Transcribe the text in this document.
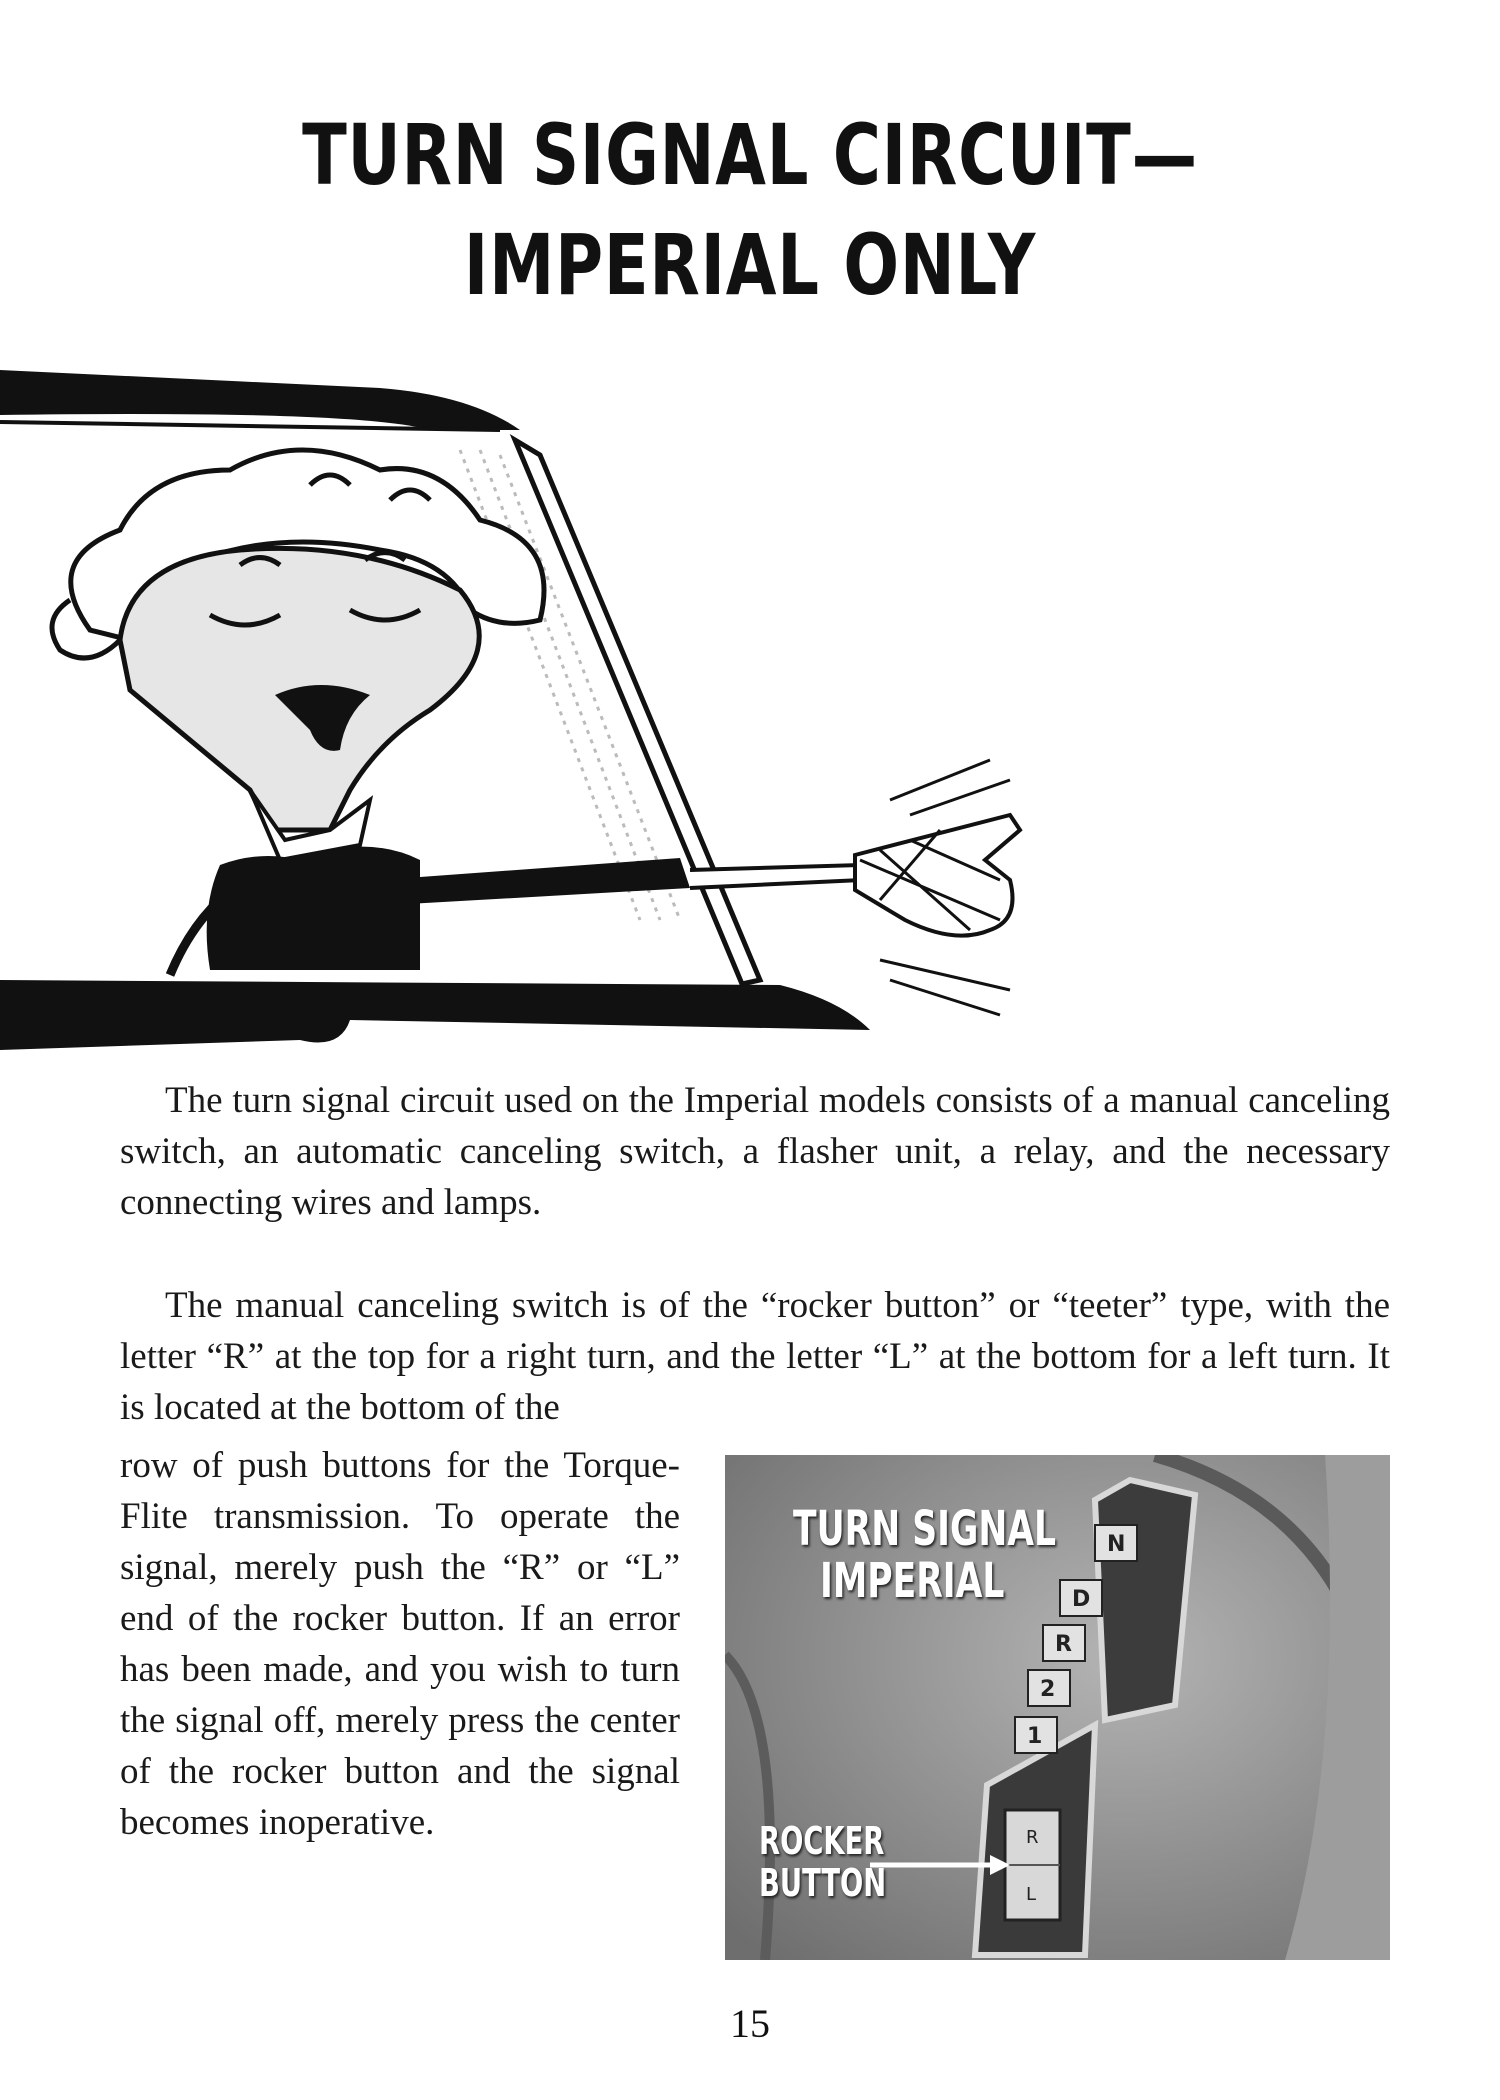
TURN SIGNAL CIRCUIT—
IMPERIAL ONLY
The turn signal circuit used on the Imperial models consists of a manual canceling switch, an automatic canceling switch, a flasher unit, a relay, and the necessary connecting wires and lamps.
The manual canceling switch is of the “rocker button” or “teeter” type, with the letter “R” at the top for a right turn, and the letter “L” at the bottom for a left turn. It is located at the bottom of the
row of push buttons for the Torque-Flite transmission. To operate the signal, merely push the “R” or “L” end of the rocker button. If an error has been made, and you wish to turn the signal off, merely press the center of the rocker button and the signal becomes inoperative.
N
D
R
2
1
R
L
TURN SIGNAL
IMPERIAL
ROCKER
BUTTON
15
